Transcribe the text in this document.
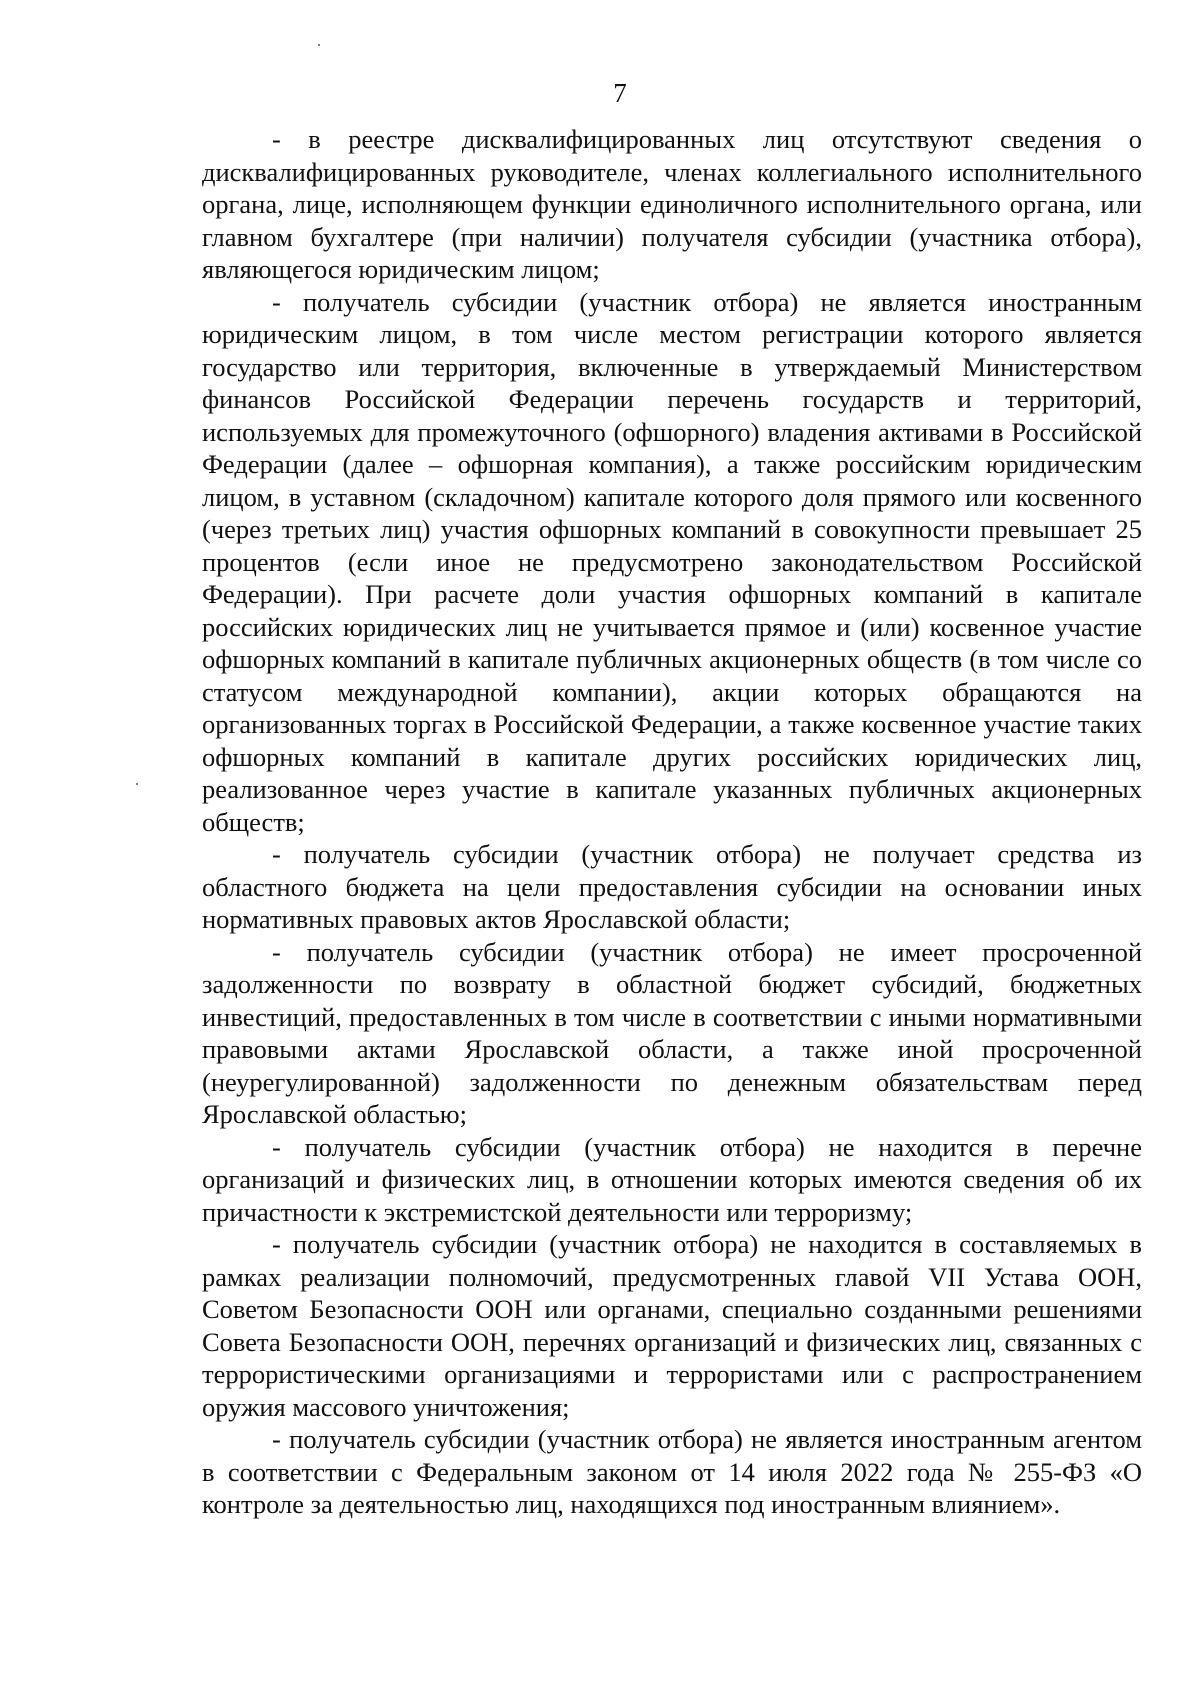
7

- в реестре дисквалифицированных лиц отсутствуют сведения о дисквалифицированных руководителе, членах коллегиального исполнительного органа, лице, исполняющем функции единоличного исполнительного органа, или главном бухгалтере (при наличии) получателя субсидии (участника отбора), являющегося юридическим лицом;

- получатель субсидии (участник отбора) не является иностранным юридическим лицом, в том числе местом регистрации которого является государство или территория, включенные в утверждаемый Министерством финансов Российской Федерации перечень государств и территорий, используемых для промежуточного (офшорного) владения активами в Российской Федерации (далее – офшорная компания), а также российским юридическим лицом, в уставном (складочном) капитале которого доля прямого или косвенного (через третьих лиц) участия офшорных компаний в совокупности превышает 25 процентов (если иное не предусмотрено законодательством Российской Федерации). При расчете доли участия офшорных компаний в капитале российских юридических лиц не учитывается прямое и (или) косвенное участие офшорных компаний в капитале публичных акционерных обществ (в том числе со статусом международной компании), акции которых обращаются на организованных торгах в Российской Федерации, а также косвенное участие таких офшорных компаний в капитале других российских юридических лиц, реализованное через участие в капитале указанных публичных акционерных обществ;

- получатель субсидии (участник отбора) не получает средства из областного бюджета на цели предоставления субсидии на основании иных нормативных правовых актов Ярославской области;

- получатель субсидии (участник отбора) не имеет просроченной задолженности по возврату в областной бюджет субсидий, бюджетных инвестиций, предоставленных в том числе в соответствии с иными нормативными правовыми актами Ярославской области, а также иной просроченной (неурегулированной) задолженности по денежным обязательствам перед Ярославской областью;

- получатель субсидии (участник отбора) не находится в перечне организаций и физических лиц, в отношении которых имеются сведения об их причастности к экстремистской деятельности или терроризму;

- получатель субсидии (участник отбора) не находится в составляемых в рамках реализации полномочий, предусмотренных главой VII Устава ООН, Советом Безопасности ООН или органами, специально созданными решениями Совета Безопасности ООН, перечнях организаций и физических лиц, связанных с террористическими организациями и террористами или с распространением оружия массового уничтожения;

- получатель субсидии (участник отбора) не является иностранным агентом в соответствии с Федеральным законом от 14 июля 2022 года № 255-ФЗ «О контроле за деятельностью лиц, находящихся под иностранным влиянием».
